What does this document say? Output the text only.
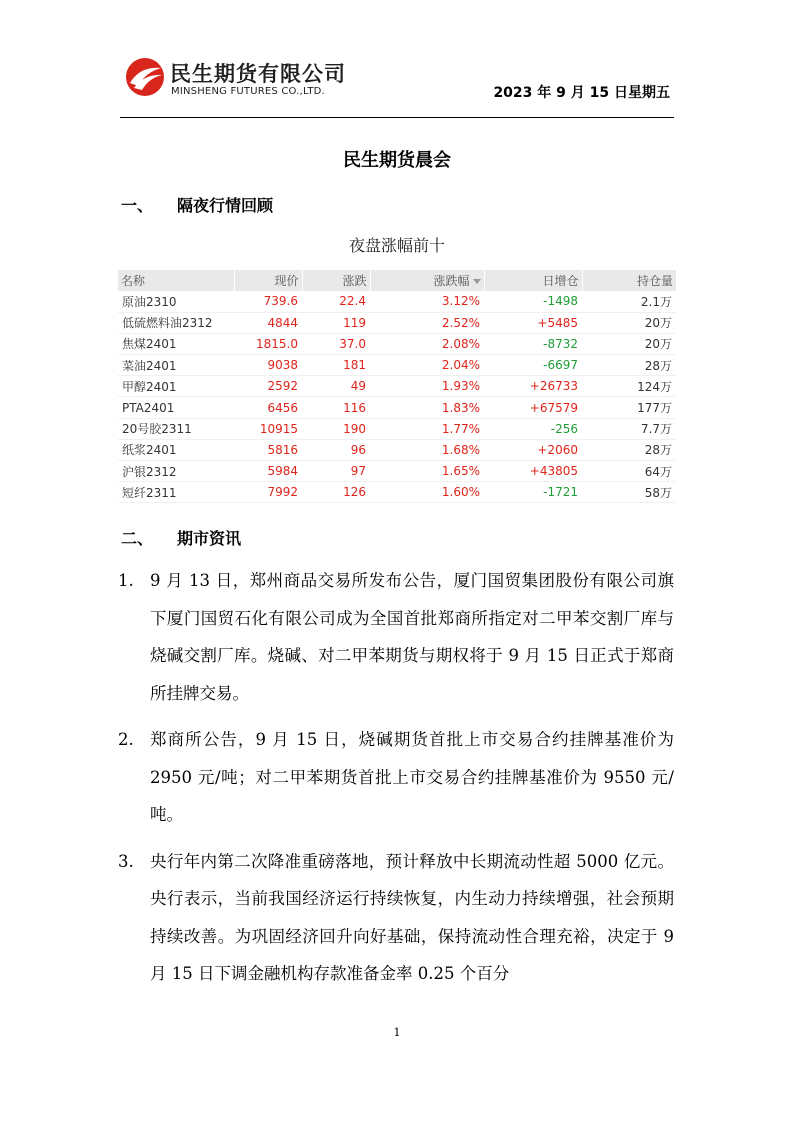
民生期货有限公司
MINSHENG FUTURES CO.,LTD.	2023 年 9 月 15 日星期五
民生期货晨会
一、 隔夜行情回顾
夜盘涨幅前十
名称	现价	涨跌	涨跌幅	日增仓	持仓量
原油2310	739.6	22.4	3.12%	-1498	2.1万
低硫燃料油2312	4844	119	2.52%	+5485	20万
焦煤2401	1815.0	37.0	2.08%	-8732	20万
菜油2401	9038	181	2.04%	-6697	28万
甲醇2401	2592	49	1.93%	+26733	124万
PTA2401	6456	116	1.83%	+67579	177万
20号胶2311	10915	190	1.77%	-256	7.7万
纸浆2401	5816	96	1.68%	+2060	28万
沪银2312	5984	97	1.65%	+43805	64万
短纤2311	7992	126	1.60%	-1721	58万
二、 期市资讯
1. 9 月 13 日，郑州商品交易所发布公告，厦门国贸集团股份有限公司旗下厦门国贸石化有限公司成为全国首批郑商所指定对二甲苯交割厂库与烧碱交割厂库。烧碱、对二甲苯期货与期权将于 9 月 15 日正式于郑商所挂牌交易。
2. 郑商所公告，9 月 15 日，烧碱期货首批上市交易合约挂牌基准价为 2950 元/吨；对二甲苯期货首批上市交易合约挂牌基准价为 9550 元/吨。
3. 央行年内第二次降准重磅落地，预计释放中长期流动性超 5000 亿元。央行表示，当前我国经济运行持续恢复，内生动力持续增强，社会预期持续改善。为巩固经济回升向好基础，保持流动性合理充裕，决定于 9 月 15 日下调金融机构存款准备金率 0.25 个百分
1
